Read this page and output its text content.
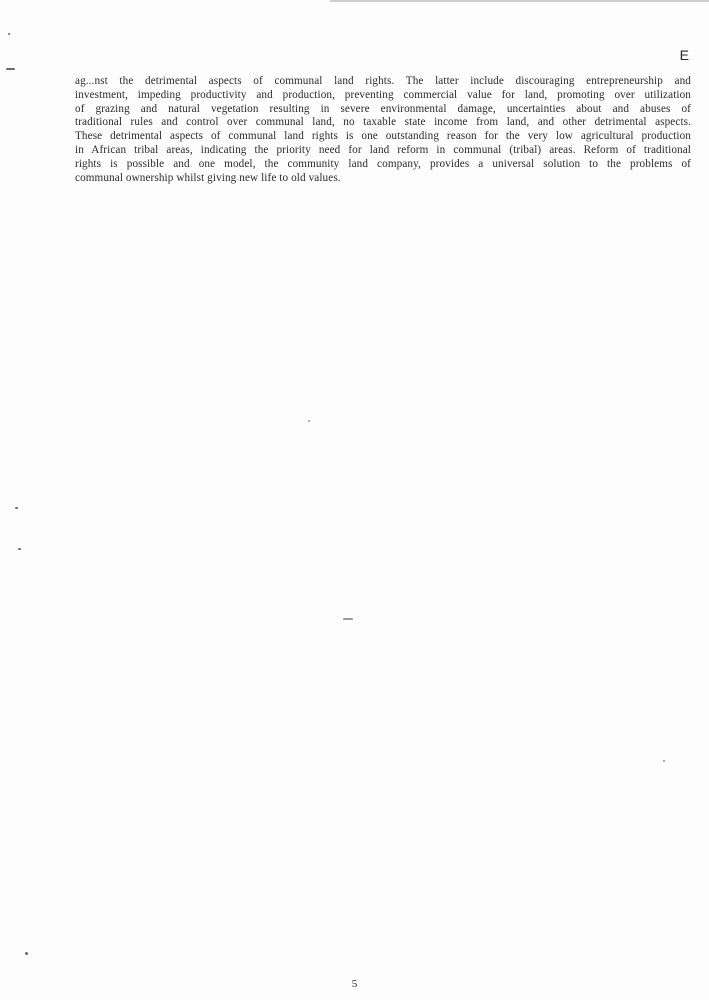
E
ag...nst the detrimental aspects of communal land rights. The latter include discouraging entrepreneurship and
investment, impeding productivity and production, preventing commercial value for land, promoting over utilization
of grazing and natural vegetation resulting in severe environmental damage, uncertainties about and abuses of
traditional rules and control over communal land, no taxable state income from land, and other detrimental aspects.
These detrimental aspects of communal land rights is one outstanding reason for the very low agricultural production
in African tribal areas, indicating the priority need for land reform in communal (tribal) areas. Reform of traditional
rights is possible and one model, the community land company, provides a universal solution to the problems of
communal ownership whilst giving new life to old values.
5
